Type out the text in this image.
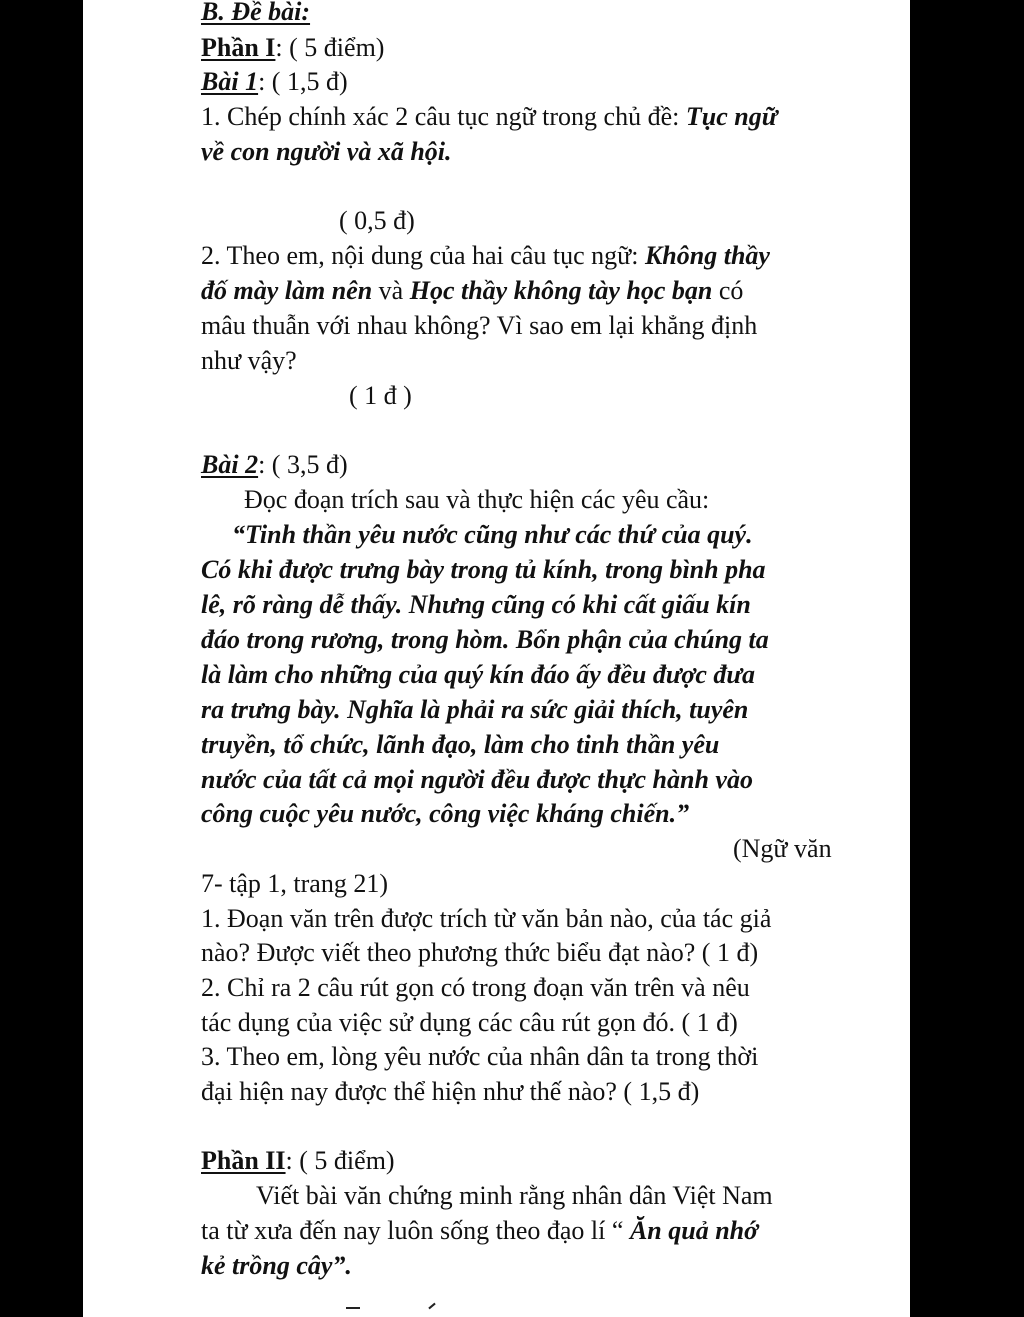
B. Đề bài:
Phần I: ( 5 điểm)
Bài 1: ( 1,5 đ)
1. Chép chính xác 2 câu tục ngữ trong chủ đề: Tục ngữ
về con người và xã hội.
( 0,5 đ)
2. Theo em, nội dung của hai câu tục ngữ: Không thầy
đố mày làm nên và Học thầy không tày học bạn có
mâu thuẫn với nhau không? Vì sao em lại khẳng định
như vậy?
( 1 đ )
Bài 2: ( 3,5 đ)
Đọc đoạn trích sau và thực hiện các yêu cầu:
“Tinh thần yêu nước cũng như các thứ của quý.
Có khi được trưng bày trong tủ kính, trong bình pha
lê, rõ ràng dễ thấy. Nhưng cũng có khi cất giấu kín
đáo trong rương, trong hòm. Bổn phận của chúng ta
là làm cho những của quý kín đáo ấy đều được đưa
ra trưng bày. Nghĩa là phải ra sức giải thích, tuyên
truyền, tổ chức, lãnh đạo, làm cho tinh thần yêu
nước của tất cả mọi người đều được thực hành vào
công cuộc yêu nước, công việc kháng chiến.”
(Ngữ văn
7- tập 1, trang 21)
1. Đoạn văn trên được trích từ văn bản nào, của tác giả
nào? Được viết theo phương thức biểu đạt nào? ( 1 đ)
2. Chỉ ra 2 câu rút gọn có trong đoạn văn trên và nêu
tác dụng của việc sử dụng các câu rút gọn đó. ( 1 đ)
3. Theo em, lòng yêu nước của nhân dân ta trong thời
đại hiện nay được thể hiện như thế nào? ( 1,5 đ)
Phần II: ( 5 điểm)
Viết bài văn chứng minh rằng nhân dân Việt Nam
ta từ xưa đến nay luôn sống theo đạo lí “ Ăn quả nhớ
kẻ trồng cây”.
